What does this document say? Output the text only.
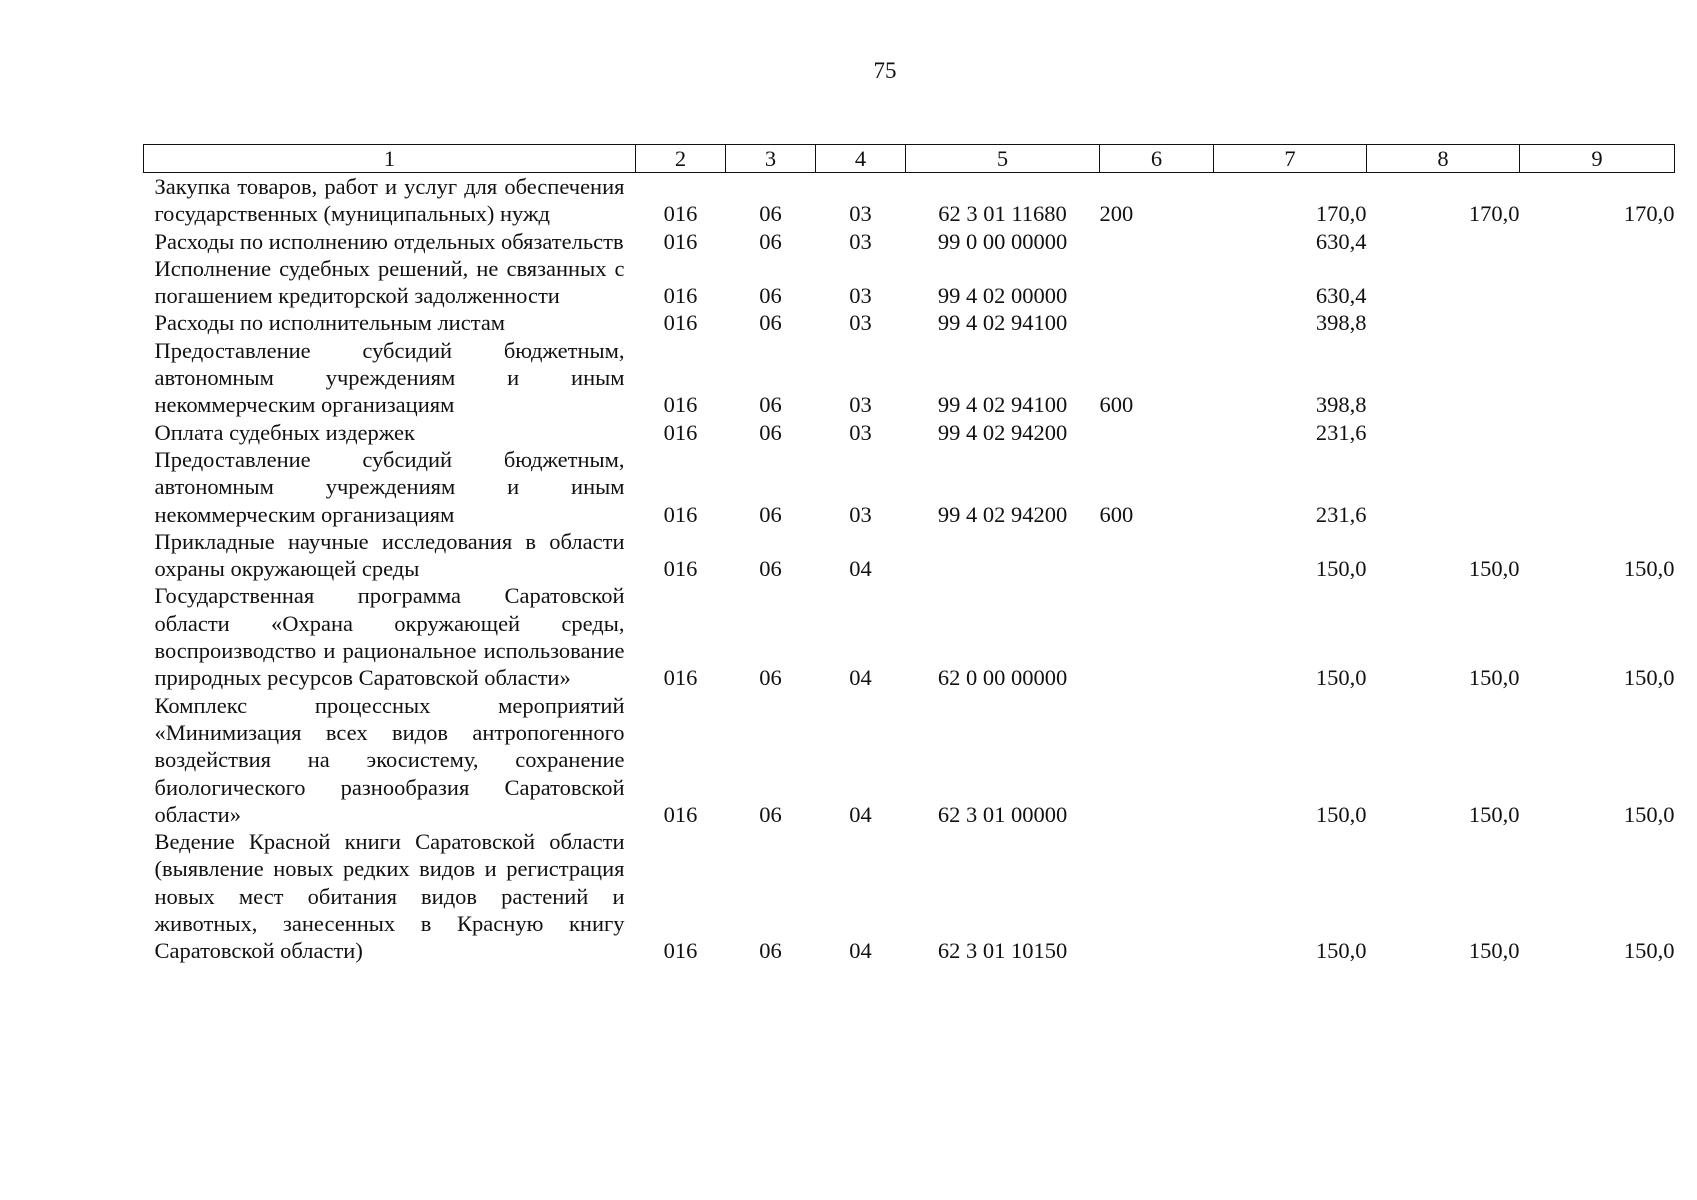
75
1	2	3	4	5	6	7	8	9
Закупка товаров, работ и услуг для обеспечения государственных (муниципальных) нужд	016	06	03	62 3 01 11680	200	170,0	170,0	170,0
Расходы по исполнению отдельных обязательств	016	06	03	99 0 00 00000		630,4		
Исполнение судебных решений, не связанных с погашением кредиторской задолженности	016	06	03	99 4 02 00000		630,4		
Расходы по исполнительным листам	016	06	03	99 4 02 94100		398,8		
Предоставление субсидий бюджетным, автономным учреждениям и иным некоммерческим организациям	016	06	03	99 4 02 94100	600	398,8		
Оплата судебных издержек	016	06	03	99 4 02 94200		231,6		
Предоставление субсидий бюджетным, автономным учреждениям и иным некоммерческим организациям	016	06	03	99 4 02 94200	600	231,6		
Прикладные научные исследования в области охраны окружающей среды	016	06	04			150,0	150,0	150,0
Государственная программа Саратовской области «Охрана окружающей среды, воспроизводство и рациональное использование природных ресурсов Саратовской области»	016	06	04	62 0 00 00000		150,0	150,0	150,0
Комплекс процессных мероприятий «Минимизация всех видов антропогенного воздействия на экосистему, сохранение биологического разнообразия Саратовской области»	016	06	04	62 3 01 00000		150,0	150,0	150,0
Ведение Красной книги Саратовской области (выявление новых редких видов и регистрация новых мест обитания видов растений и животных, занесенных в Красную книгу Саратовской области)	016	06	04	62 3 01 10150		150,0	150,0	150,0
